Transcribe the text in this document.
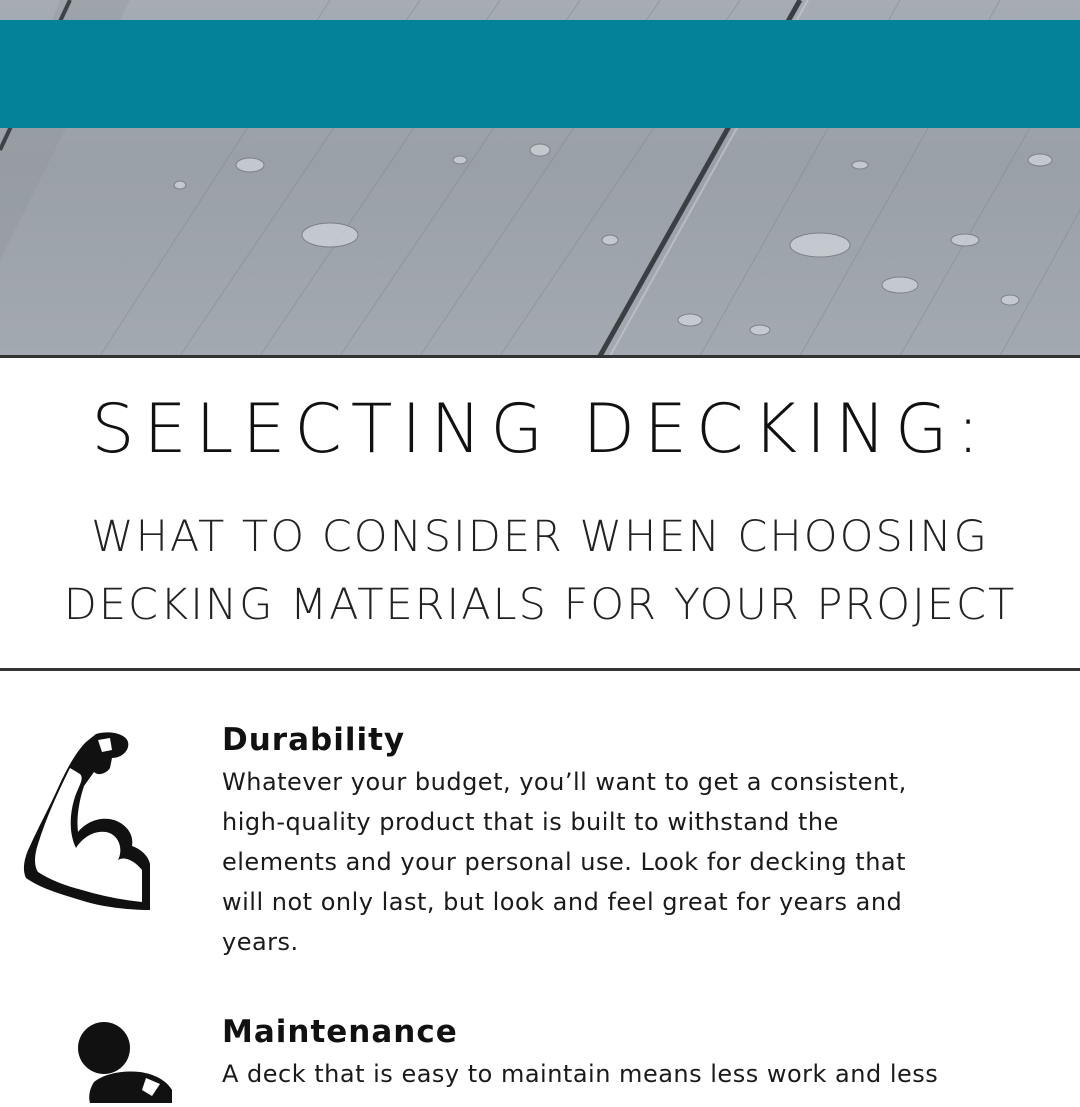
SELECTING DECKING:
WHAT TO CONSIDER WHEN CHOOSING
DECKING MATERIALS FOR YOUR PROJECT
Durability

Whatever your budget, you’ll want to get a consistent,
high-quality product that is built to withstand the
elements and your personal use. Look for decking that
will not only last, but look and feel great for years and
years.

Maintenance

A deck that is easy to maintain means less work and less
